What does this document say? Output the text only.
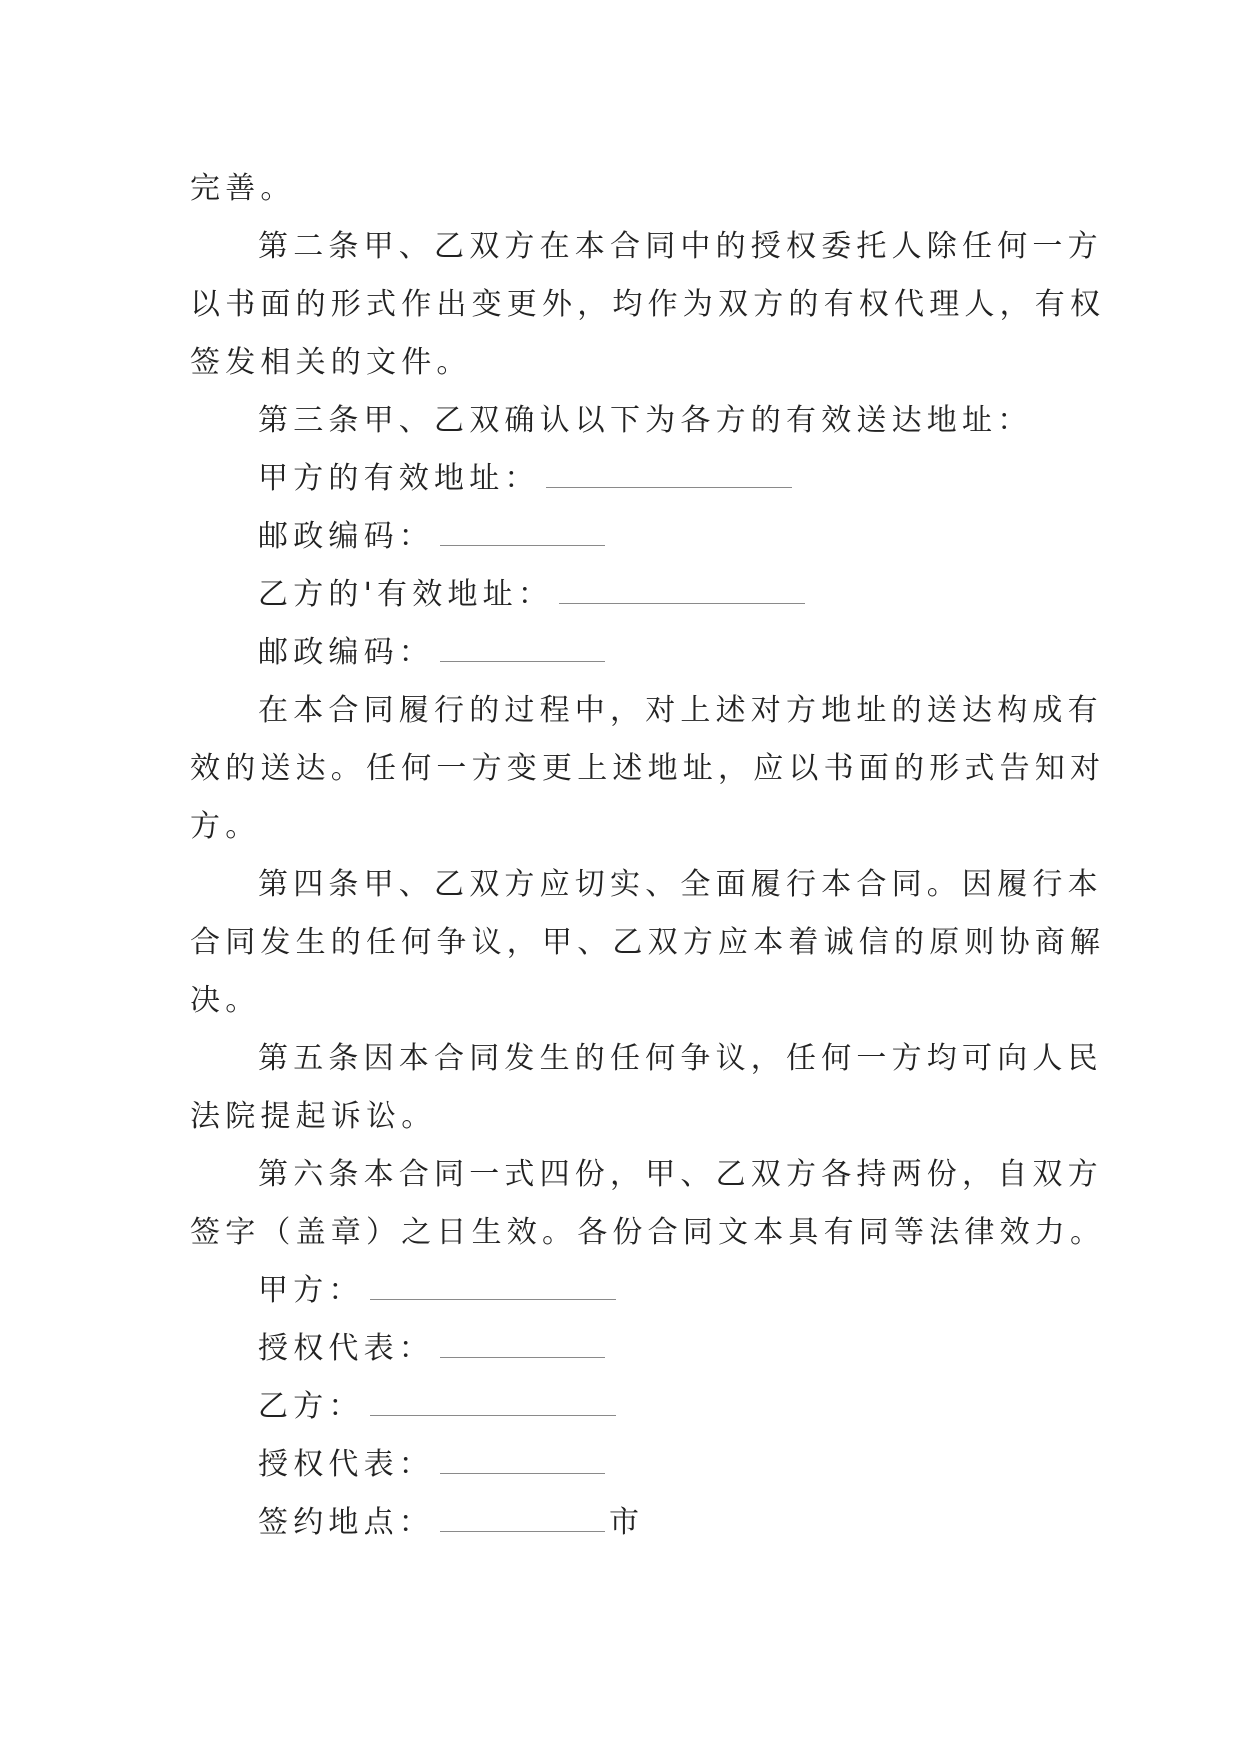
完善。
第二条甲、乙双方在本合同中的授权委托人除任何一方
以书面的形式作出变更外，均作为双方的有权代理人，有权
签发相关的文件。
第三条甲、乙双确认以下为各方的有效送达地址：
甲方的有效地址：
邮政编码：
乙方的'有效地址：
邮政编码：
在本合同履行的过程中，对上述对方地址的送达构成有
效的送达。任何一方变更上述地址，应以书面的形式告知对
方。
第四条甲、乙双方应切实、全面履行本合同。因履行本
合同发生的任何争议，甲、乙双方应本着诚信的原则协商解
决。
第五条因本合同发生的任何争议，任何一方均可向人民
法院提起诉讼。
第六条本合同一式四份，甲、乙双方各持两份，自双方
签字（盖章）之日生效。各份合同文本具有同等法律效力。
甲方：
授权代表：
乙方：
授权代表：
签约地点：	市
